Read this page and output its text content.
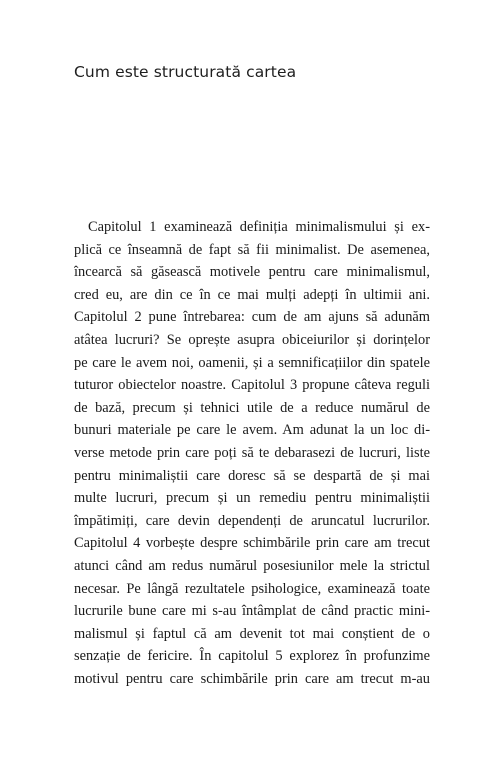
Cum este structurată cartea
Capitolul 1 examinează definiția minimalismului și ex-
plică ce înseamnă de fapt să fii minimalist. De asemenea,
încearcă să găsească motivele pentru care minimalismul,
cred eu, are din ce în ce mai mulți adepți în ultimii ani.
Capitolul 2 pune întrebarea: cum de am ajuns să adunăm
atâtea lucruri? Se oprește asupra obiceiurilor și dorințelor
pe care le avem noi, oamenii, și a semnificațiilor din spatele
tuturor obiectelor noastre. Capitolul 3 propune câteva reguli
de bază, precum și tehnici utile de a reduce numărul de
bunuri materiale pe care le avem. Am adunat la un loc di-
verse metode prin care poți să te debarasezi de lucruri, liste
pentru minimaliștii care doresc să se despartă de și mai
multe lucruri, precum și un remediu pentru minimaliștii
împătimiți, care devin dependenți de aruncatul lucrurilor.
Capitolul 4 vorbește despre schimbările prin care am trecut
atunci când am redus numărul posesiunilor mele la strictul
necesar. Pe lângă rezultatele psihologice, examinează toate
lucrurile bune care mi s-au întâmplat de când practic mini-
malismul și faptul că am devenit tot mai conștient de o
senzație de fericire. În capitolul 5 explorez în profunzime
motivul pentru care schimbările prin care am trecut m-au
